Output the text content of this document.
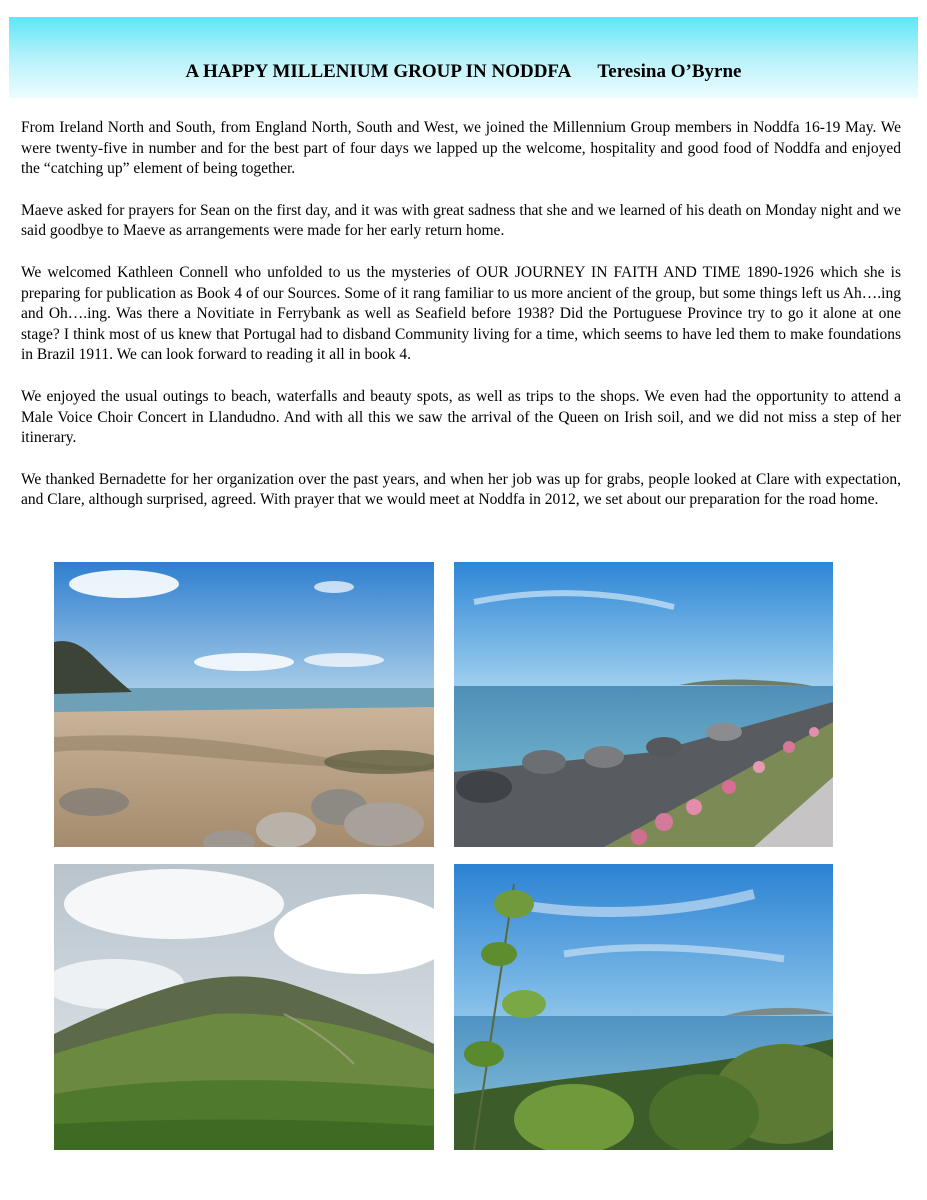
A HAPPY MILLENIUM GROUP IN NODDFA Teresina O’Byrne

From Ireland North and South, from England North, South and West, we joined the Millennium Group members in Noddfa 16-19 May. We were twenty-five in number and for the best part of four days we lapped up the welcome, hospitality and good food of Noddfa and enjoyed the “catching up” element of being together.

Maeve asked for prayers for Sean on the first day, and it was with great sadness that she and we learned of his death on Monday night and we said goodbye to Maeve as arrangements were made for her early return home.

We welcomed Kathleen Connell who unfolded to us the mysteries of OUR JOURNEY IN FAITH AND TIME 1890-1926 which she is preparing for publication as Book 4 of our Sources. Some of it rang familiar to us more ancient of the group, but some things left us Ah….ing and Oh….ing. Was there a Novitiate in Ferrybank as well as Seafield before 1938? Did the Portuguese Province try to go it alone at one stage? I think most of us knew that Portugal had to disband Community living for a time, which seems to have led them to make foundations in Brazil 1911. We can look forward to reading it all in book 4.

We enjoyed the usual outings to beach, waterfalls and beauty spots, as well as trips to the shops. We even had the opportunity to attend a Male Voice Choir Concert in Llandudno. And with all this we saw the arrival of the Queen on Irish soil, and we did not miss a step of her itinerary.

We thanked Bernadette for her organization over the past years, and when her job was up for grabs, people looked at Clare with expectation, and Clare, although surprised, agreed. With prayer that we would meet at Noddfa in 2012, we set about our preparation for the road home.
